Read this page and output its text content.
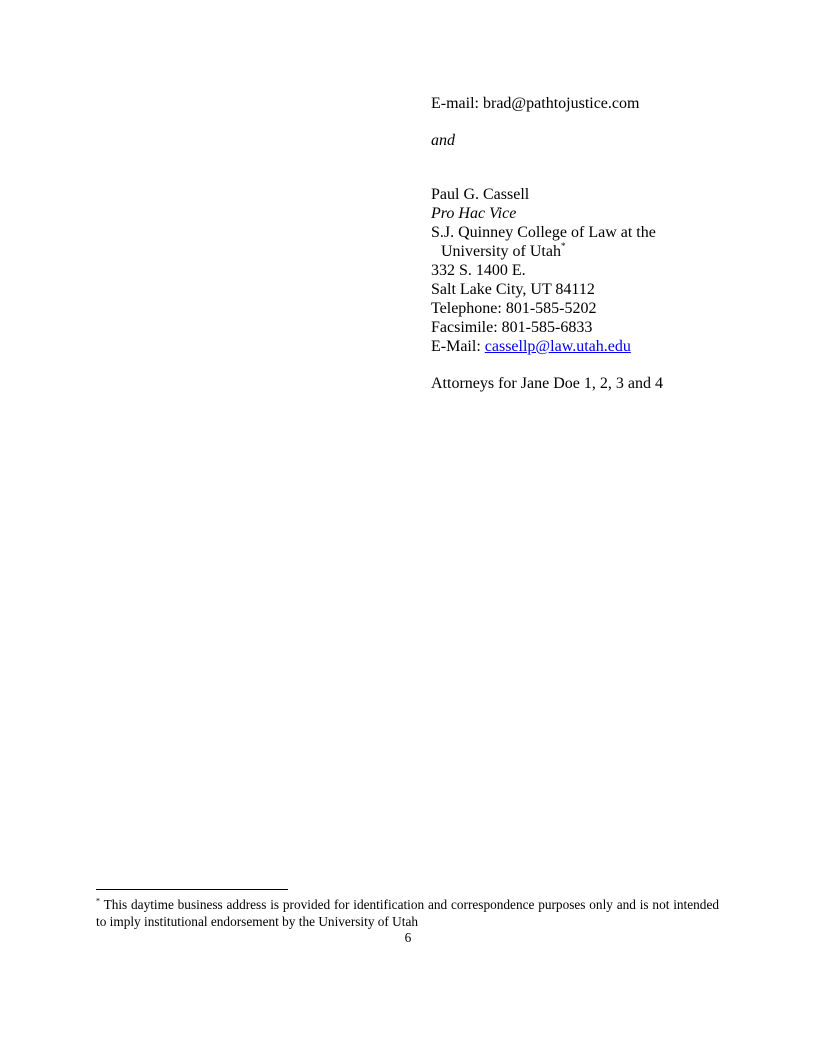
E-mail: brad@pathtojustice.com
and
Paul G. Cassell
Pro Hac Vice
S.J. Quinney College of Law at the
University of Utah*
332 S. 1400 E.
Salt Lake City, UT 84112
Telephone: 801-585-5202
Facsimile: 801-585-6833
E-Mail: cassellp@law.utah.edu
Attorneys for Jane Doe 1, 2, 3 and 4
* This daytime business address is provided for identification and correspondence purposes only and is not intended to imply institutional endorsement by the University of Utah
6
